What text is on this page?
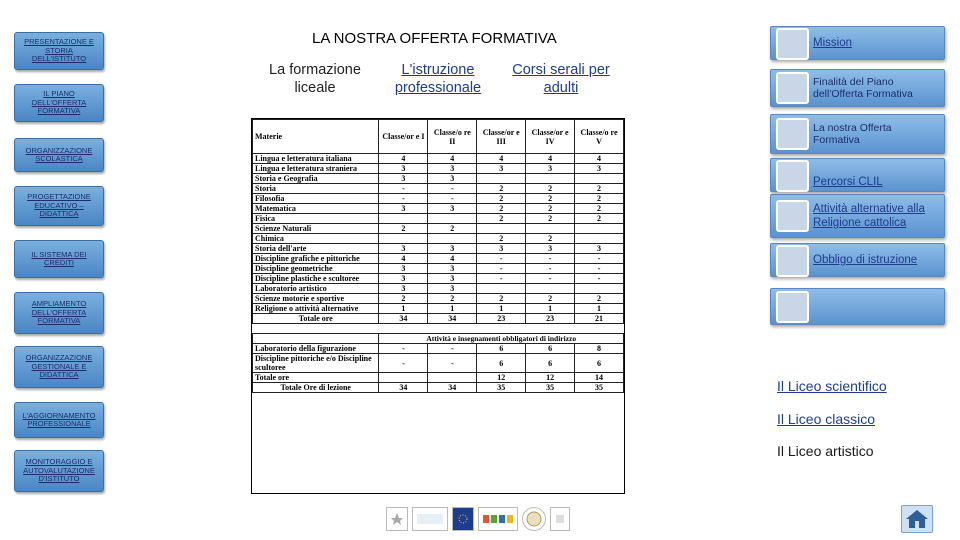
PRESENTAZIONE E STORIA DELL'ISTITUTO
IL PIANO DELL'OFFERTA FORMATIVA
ORGANIZZAZIONE SCOLASTICA
PROGETTAZIONE EDUCATIVO – DIDATTICA
IL SISTEMA DEI CREDITI
AMPLIAMENTO DELL'OFFERTA FORMATIVA
ORGANIZZAZIONE GESTIONALE E DIDATTICA
L'AGGIORNAMENTO PROFESSIONALE
MONITORAGGIO E AUTOVALUTAZIONE D'ISTITUTO
LA NOSTRA OFFERTA FORMATIVA
La formazione liceale
L'istruzione professionale
Corsi serali per adulti
Materie	Classe/or e I	Classe/o re II	Classe/or e III	Classe/or e IV	Classe/o re V
Lingua e letteratura italiana	4	4	4	4	4
Lingua e letteratura straniera	3	3	3	3	3
Storia e Geografia	3	3			
Storia	-	-	2	2	2
Filosofia	-	-	2	2	2
Matematica	3	3	2	2	2
Fisica			2	2	2
Scienze Naturali	2	2			
Chimica			2	2	
Storia dell'arte	3	3	3	3	3
Discipline grafiche e pittoriche	4	4	-	-	-
Discipline geometriche	3	3	-	-	-
Discipline plastiche e scultoree	3	3	-	-	-
Laboratorio artistico	3	3			
Scienze motorie e sportive	2	2	2	2	2
Religione o attività alternative	1	1	1	1	1
Totale ore	34	34	23	23	21

	Attività e insegnamenti obbligatori di indirizzo				
Laboratorio della figurazione	-	-	6	6	8
Discipline pittoriche e/o Discipline scultoree	-	-	6	6	6
Totale ore			12	12	14
Totale Ore di lezione	34	34	35	35	35
Mission
Finalità del Piano dell'Offerta Formativa
La nostra Offerta Formativa
Percorsi CLIL
Attività alternative alla Religione cattolica
Obbligo di istruzione
Il Liceo scientifico
Il Liceo classico
Il Liceo artistico
